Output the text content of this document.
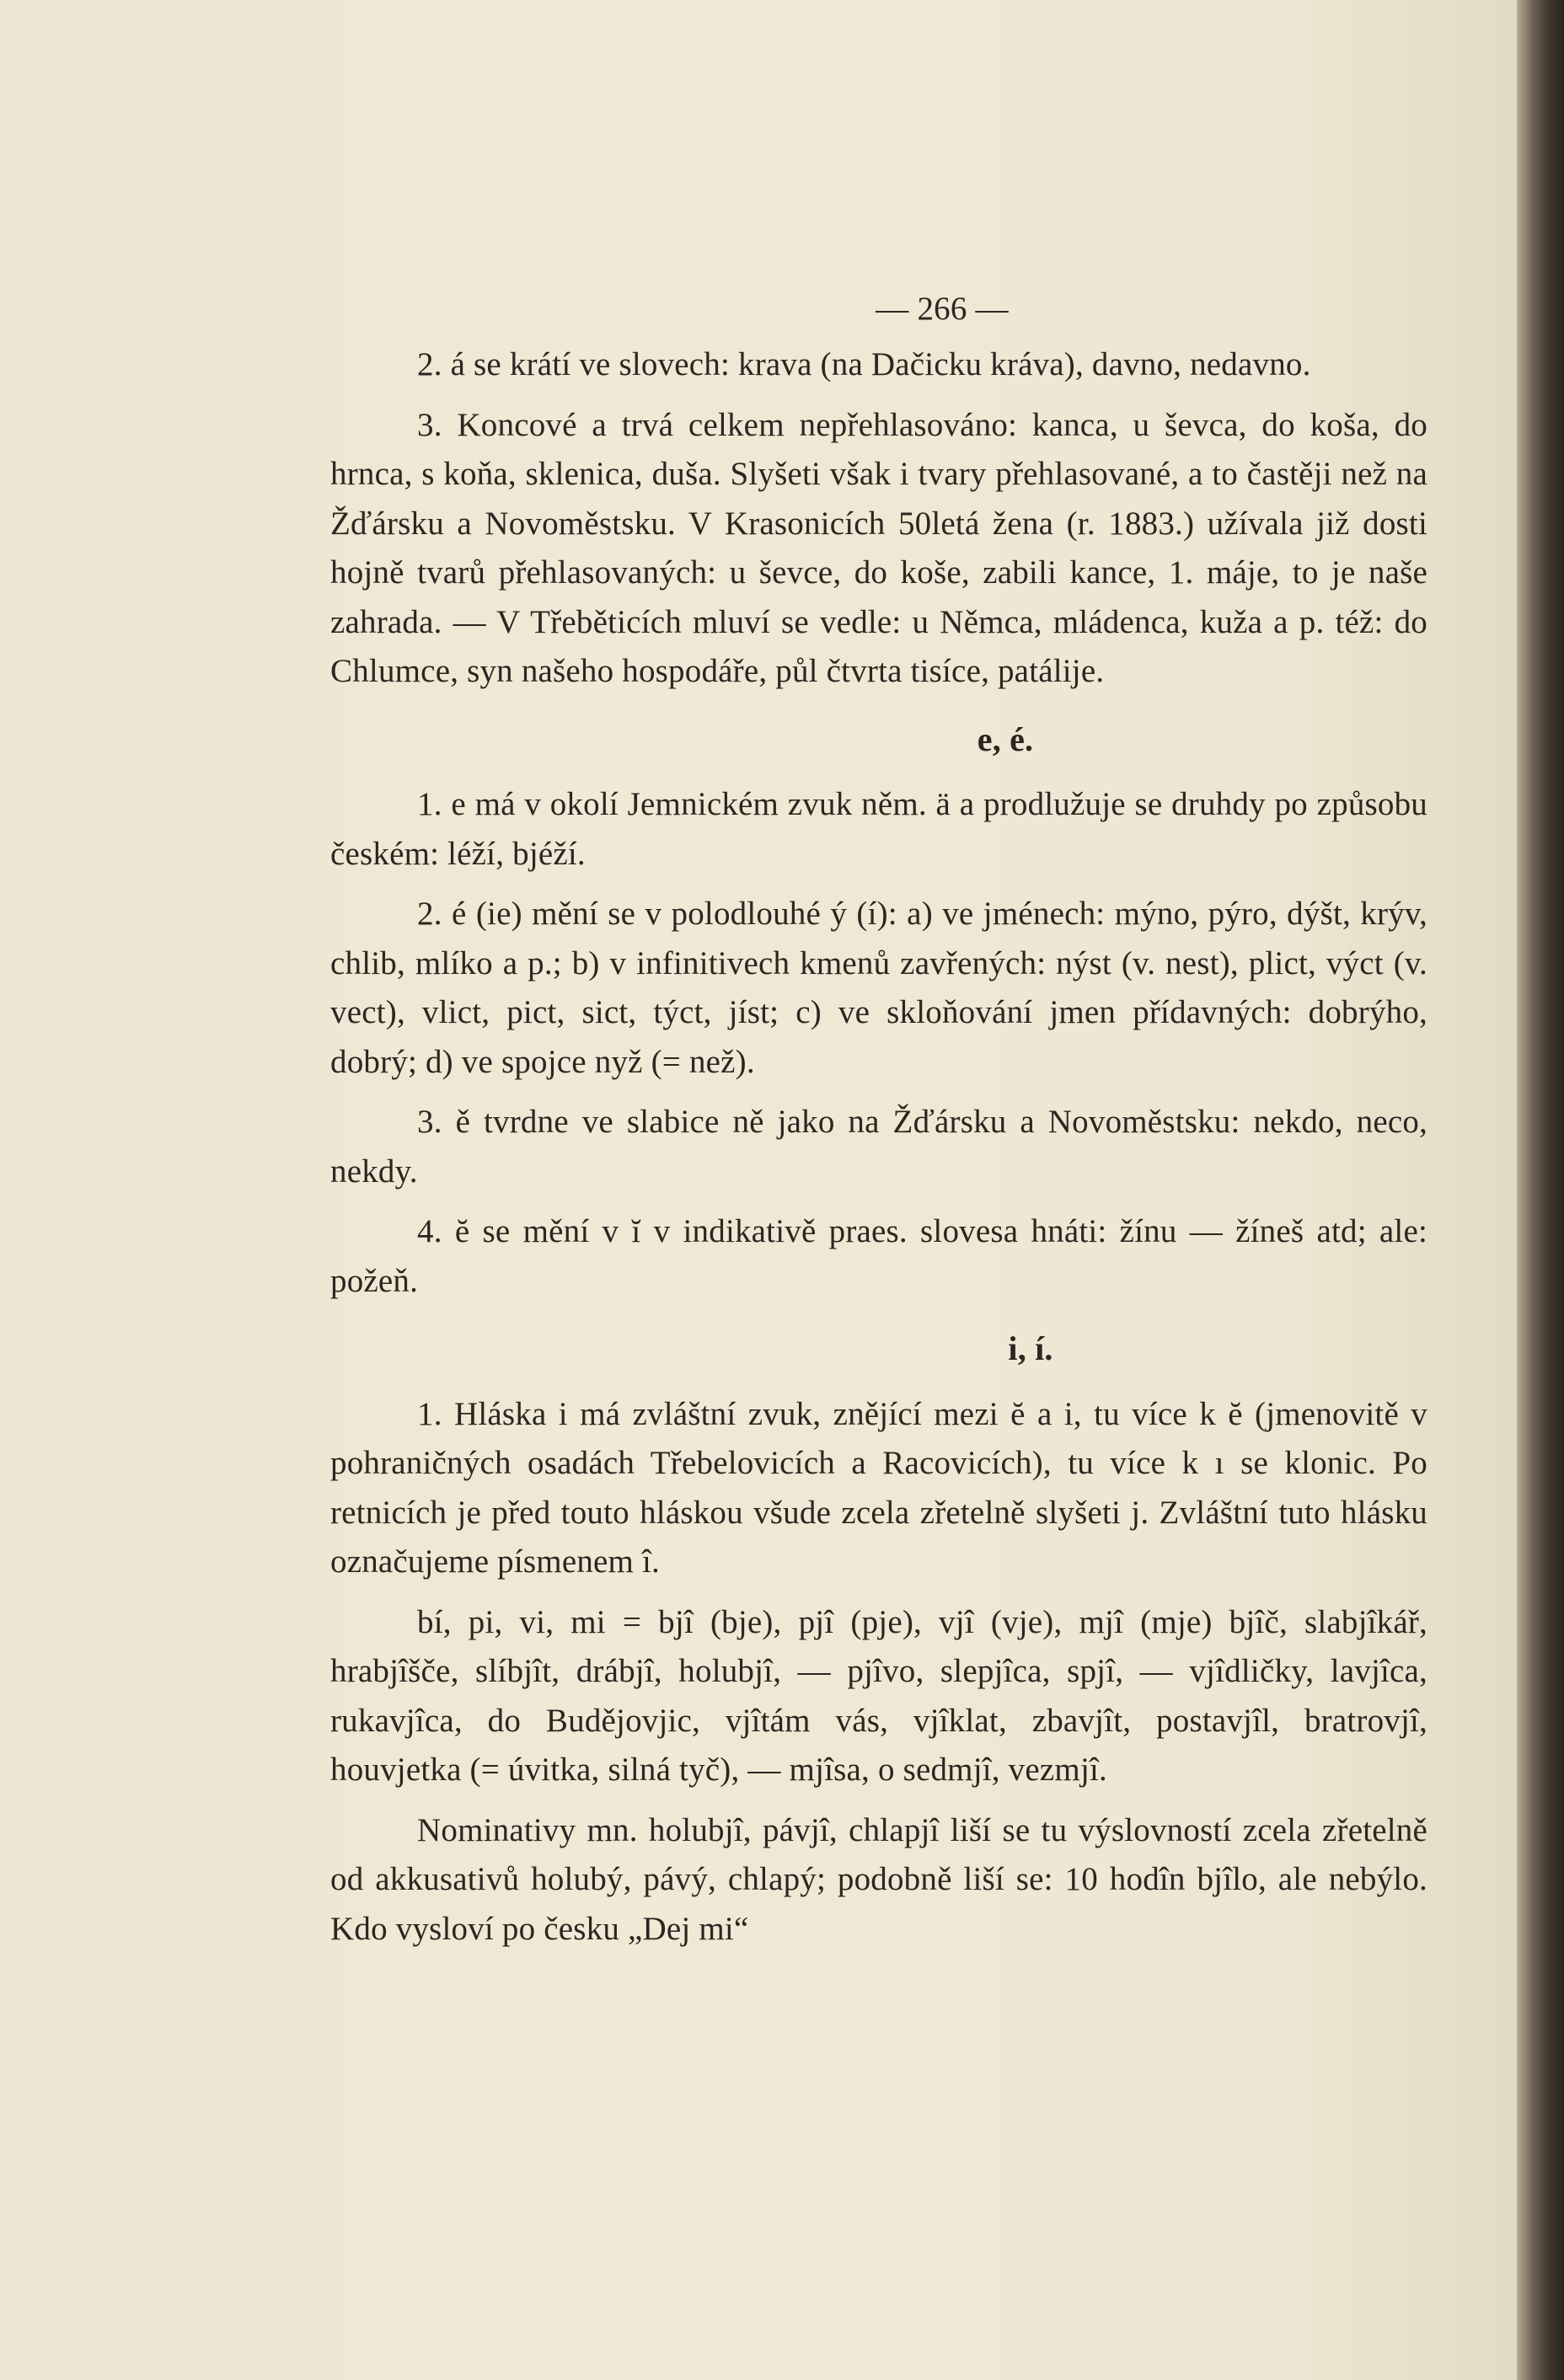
— 266 —

2. á se krátí ve slovech: krava (na Dačicku kráva), davno, nedavno.

3. Koncové a trvá celkem nepřehlasováno: kanca, u ševca, do koša, do hrnca, s koňa, sklenica, duša. Slyšeti však i tvary přehlasované, a to častěji než na Žďársku a Novoměstsku. V Krasonicích 50letá žena (r. 1883.) užívala již dosti hojně tvarů přehlasovaných: u ševce, do koše, zabili kance, 1. máje, to je naše zahrada. — V Třeběticích mluví se vedle: u Němca, mládenca, kuža a p. též: do Chlumce, syn našeho hospodáře, půl čtvrta tisíce, patálije.

e, é.

1. e má v okolí Jemnickém zvuk něm. ä a prodlužuje se druhdy po způsobu českém: léží, bjéží.

2. é (ie) mění se v polodlouhé ý (í): a) ve jménech: mýno, pýro, dýšt, krýv, chlib, mlíko a p.; b) v infinitivech kmenů zavřených: nýst (v. nest), plict, výct (v. vect), vlict, pict, sict, týct, jíst; c) ve skloňování jmen přídavných: dobrýho, dobrý; d) ve spojce nyž (= než).

3. ě tvrdne ve slabice ně jako na Žďársku a Novoměstsku: nekdo, neco, nekdy.

4. ĕ se mění v ĭ v indikativě praes. slovesa hnáti: žínu — žíneš atd; ale: požeň.

i, í.

1. Hláska i má zvláštní zvuk, znějící mezi ĕ a i, tu více k ĕ (jmenovitě v pohraničných osadách Třebelovicích a Racovicích), tu více k ı se klonic. Po retnicích je před touto hláskou všude zcela zřetelně slyšeti j. Zvláštní tuto hlásku označujeme písmenem î.

bí, pi, vi, mi = bjî (bje), pjî (pje), vjî (vje), mjî (mje) bjîč, slabjîkář, hrabjîšče, slíbjît, drábjî, holubjî, — pjîvo, slepjîca, spjî, — vjîdličky, lavjîca, rukavjîca, do Budějovjic, vjîtám vás, vjîklat, zbavjît, postavjîl, bratrovjî, houvjetka (= úvitka, silná tyč), — mjîsa, o sedmjî, vezmjî.

Nominativy mn. holubjî, pávjî, chlapjî liší se tu výslovností zcela zřetelně od akkusativů holubý, pávý, chlapý; podobně liší se: 10 hodîn bjîlo, ale nebýlo. Kdo vysloví po česku „Dej mi“
